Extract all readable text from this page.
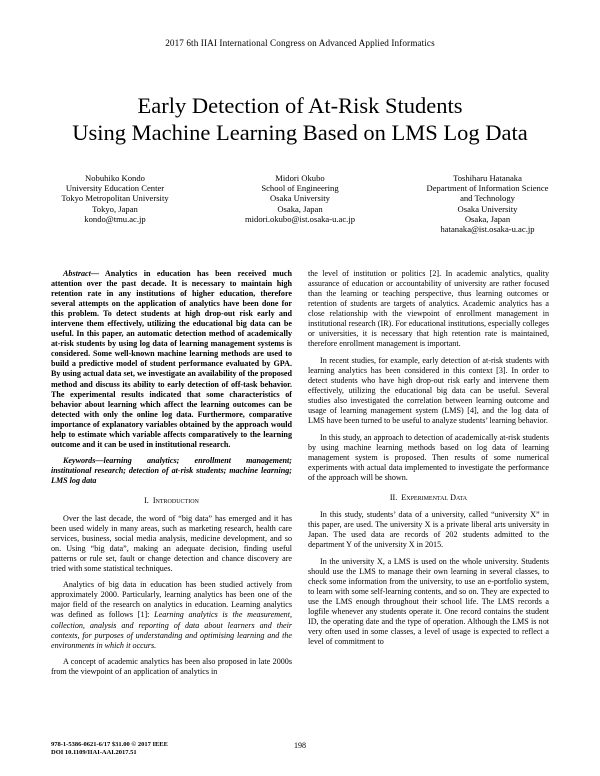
2017 6th IIAI International Congress on Advanced Applied Informatics
Early Detection of At-Risk Students
Using Machine Learning Based on LMS Log Data
Nobuhiko Kondo
University Education Center
Tokyo Metropolitan University
Tokyo, Japan
kondo@tmu.ac.jp
Midori Okubo
School of Engineering
Osaka University
Osaka, Japan
midori.okubo@ist.osaka-u.ac.jp
Toshiharu Hatanaka
Department of Information Science
and Technology
Osaka University
Osaka, Japan
hatanaka@ist.osaka-u.ac.jp

Abstract— Analytics in education has been received much attention over the past decade. It is necessary to maintain high retention rate in any institutions of higher education, therefore several attempts on the application of analytics have been done for this problem. To detect students at high drop-out risk early and intervene them effectively, utilizing the educational big data can be useful. In this paper, an automatic detection method of academically at-risk students by using log data of learning management systems is considered. Some well-known machine learning methods are used to build a predictive model of student performance evaluated by GPA. By using actual data set, we investigate an availability of the proposed method and discuss its ability to early detection of off-task behavior. The experimental results indicated that some characteristics of behavior about learning which affect the learning outcomes can be detected with only the online log data. Furthermore, comparative importance of explanatory variables obtained by the approach would help to estimate which variable affects comparatively to the learning outcome and it can be used in institutional research.

Keywords—learning analytics; enrollment management; institutional research; detection of at-risk students; machine learning; LMS log data

I. Introduction

Over the last decade, the word of “big data” has emerged and it has been used widely in many areas, such as marketing research, health care services, business, social media analysis, medicine development, and so on. Using “big data”, making an adequate decision, finding useful patterns or rule set, fault or change detection and chance discovery are tried with some statistical techniques.

Analytics of big data in education has been studied actively from approximately 2000. Particularly, learning analytics has been one of the major field of the research on analytics in education. Learning analytics was defined as follows [1]: Learning analytics is the measurement, collection, analysis and reporting of data about learners and their contexts, for purposes of understanding and optimising learning and the environments in which it occurs.

A concept of academic analytics has been also proposed in late 2000s from the viewpoint of an application of analytics in

the level of institution or politics [2]. In academic analytics, quality assurance of education or accountability of university are rather focused than the learning or teaching perspective, thus learning outcomes or retention of students are targets of analytics. Academic analytics has a close relationship with the viewpoint of enrollment management in institutional research (IR). For educational institutions, especially colleges or universities, it is necessary that high retention rate is maintained, therefore enrollment management is important.

In recent studies, for example, early detection of at-risk students with learning analytics has been considered in this context [3]. In order to detect students who have high drop-out risk early and intervene them effectively, utilizing the educational big data can be useful. Several studies also investigated the correlation between learning outcome and usage of learning management system (LMS) [4], and the log data of LMS have been turned to be useful to analyze students’ learning behavior.

In this study, an approach to detection of academically at-risk students by using machine learning methods based on log data of learning management system is proposed. Then results of some numerical experiments with actual data implemented to investigate the performance of the approach will be shown.

II. Experimental Data

In this study, students’ data of a university, called “university X” in this paper, are used. The university X is a private liberal arts university in Japan. The used data are records of 202 students admitted to the department Y of the university X in 2015.

In the university X, a LMS is used on the whole university. Students should use the LMS to manage their own learning in several classes, to check some information from the university, to use an e-portfolio system, to learn with some self-learning contents, and so on. They are expected to use the LMS enough throughout their school life. The LMS records a logfile whenever any students operate it. One record contains the student ID, the operating date and the type of operation. Although the LMS is not very often used in some classes, a level of usage is expected to reflect a level of commitment to

978-1-5386-0621-6/17 $31.00 © 2017 IEEE
DOI 10.1109/IIAI-AAI.2017.51
198
